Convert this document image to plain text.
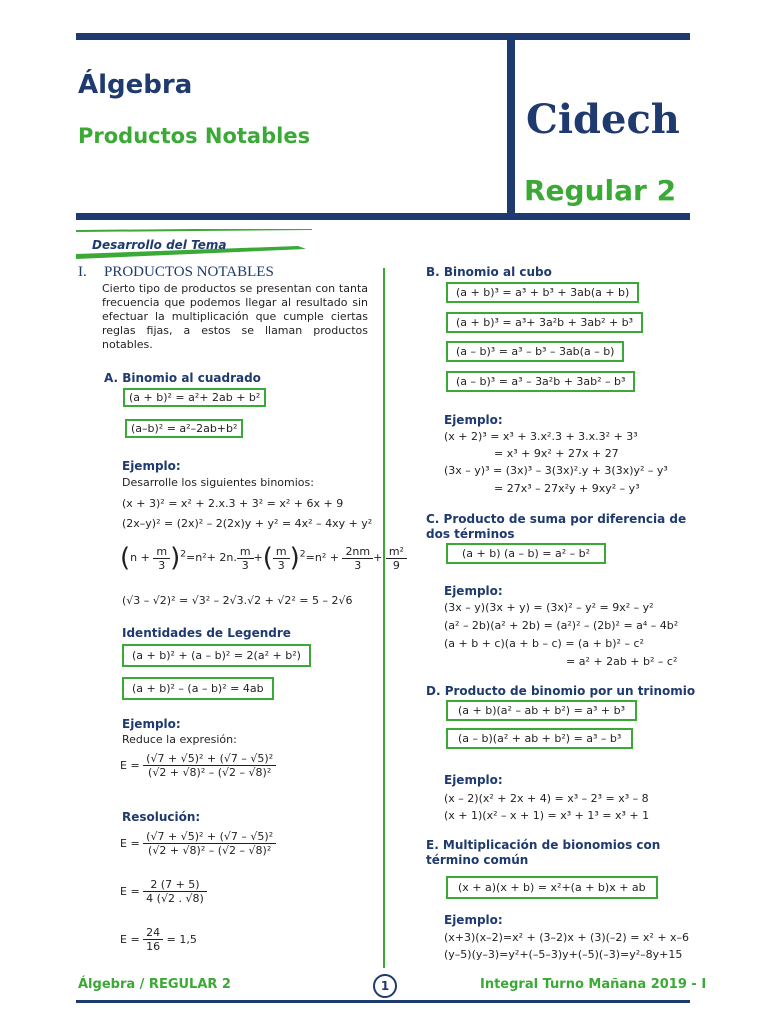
Álgebra
Productos Notables	Cidech
Regular 2
Desarrollo del Tema
I. PRODUCTOS NOTABLES
Cierto tipo de productos se presentan con tanta frecuencia que podemos llegar al resultado sin efectuar la multiplicación que cumple ciertas reglas fijas, a estos se llaman productos notables.
A. Binomio al cuadrado
(a + b)² = a²+ 2ab + b²
(a–b)² = a²–2ab+b²
Ejemplo:
Desarrolle los siguientes binomios:
(x + 3)² = x² + 2.x.3 + 3² = x² + 6x + 9
(2x–y)² = (2x)² – 2(2x)y + y² = 4x² – 4xy + y²
$(n + \frac{m}{3} )^2=n^2+ 2n$. $\frac{m}{3}$ +( $\frac{m}{3} )^2=n^2 + \frac{2nm}{3} + \frac{\text{m²}}{9}$
(√3 – √2)² = √3² – 2√3.√2 + √2² = 5 – 2√6
Identidades de Legendre
(a + b)² + (a – b)² = 2(a² + b²)
(a + b)² – (a – b)² = 4ab
Ejemplo:
Reduce la expresión:
$E = \frac{\text{(√7 + √5)² + (√7 – √5)²}}{\text{(√2 + √8)² – (√2 – √8)²}}$
Resolución:
$E = \frac{\text{(√7 + √5)² + (√7 – √5)²}}{\text{(√2 + √8)² – (√2 – √8)²}}$
$E = \frac{2 (7 + 5)}{4 (√2 . √8)}$
$E = \frac{24}{16} = 1,5$
B. Binomio al cubo
(a + b)³ = a³ + b³ + 3ab(a + b)
(a + b)³ = a³+ 3a²b + 3ab² + b³
(a – b)³ = a³ – b³ – 3ab(a – b)
(a – b)³ = a³ – 3a²b + 3ab² – b³
Ejemplo:
(x + 2)³ = x³ + 3.x².3 + 3.x.3² + 3³
= x³ + 9x² + 27x + 27
(3x – y)³ = (3x)³ – 3(3x)².y + 3(3x)y² – y³
= 27x³ – 27x²y + 9xy² – y³
C. Producto de suma por diferencia de dos términos
(a + b) (a – b) = a² – b²
Ejemplo:
(3x – y)(3x + y) = (3x)² – y² = 9x² – y²
(a² – 2b)(a² + 2b) = (a²)² – (2b)² = a⁴ – 4b²
(a + b + c)(a + b – c) = (a + b)² – c²
= a² + 2ab + b² – c²
D. Producto de binomio por un trinomio
(a + b)(a² – ab + b²) = a³ + b³
(a – b)(a² + ab + b²) = a³ – b³
Ejemplo:
(x – 2)(x² + 2x + 4) = x³ – 2³ = x³ – 8
(x + 1)(x² – x + 1) = x³ + 1³ = x³ + 1
E. Multiplicación de bionomios con término común
(x + a)(x + b) = x²+(a + b)x + ab
Ejemplo:
(x+3)(x–2)=x² + (3–2)x + (3)(–2) = x² + x–6
(y–5)(y–3)=y²+(–5–3)y+(–5)(–3)=y²–8y+15
Álgebra / REGULAR 2	1	Integral Turno Mañana 2019 - I
